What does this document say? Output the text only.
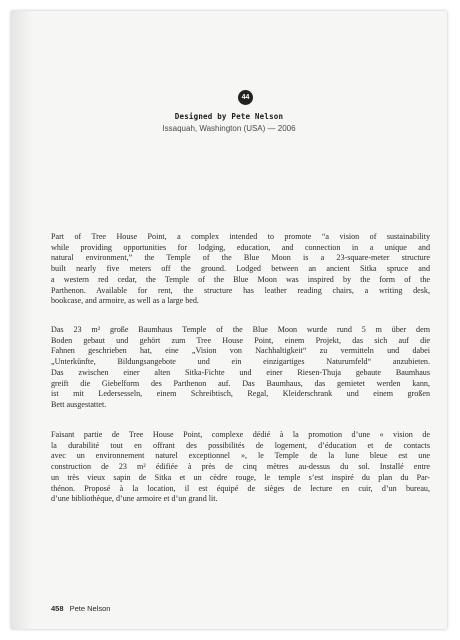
44
Designed by Pete Nelson
Issaquah, Washington (USA) — 2006

Part of Tree House Point, a complex intended to promote “a vision of sustainability
while providing opportunities for lodging, education, and connection in a unique and
natural environment,” the Temple of the Blue Moon is a 23-square-meter structure
built nearly five meters off the ground. Lodged between an ancient Sitka spruce and
a western red cedar, the Temple of the Blue Moon was inspired by the form of the
Parthenon. Available for rent, the structure has leather reading chairs, a writing desk,
bookcase, and armoire, as well as a large bed.

Das 23 m² große Baumhaus Temple of the Blue Moon wurde rund 5 m über dem
Boden gebaut und gehört zum Tree House Point, einem Projekt, das sich auf die
Fahnen geschrieben hat, eine „Vision von Nachhaltigkeit“ zu vermitteln und dabei
„Unterkünfte, Bildungsangebote und ein einzigartiges Naturumfeld“ anzubieten.
Das zwischen einer alten Sitka-Fichte und einer Riesen-Thuja gebaute Baumhaus
greift die Giebelform des Parthenon auf. Das Baumhaus, das gemietet werden kann,
ist mit Ledersesseln, einem Schreibtisch, Regal, Kleiderschrank und einem großen
Bett ausgestattet.

Faisant partie de Tree House Point, complexe dédié à la promotion d’une « vision de
la durabilité tout en offrant des possibilités de logement, d’éducation et de contacts
avec un environnement naturel exceptionnel », le Temple de la lune bleue est une
construction de 23 m² édifiée à près de cinq mètres au-dessus du sol. Installé entre
un très vieux sapin de Sitka et un cèdre rouge, le temple s’est inspiré du plan du Par-
thénon. Proposé à la location, il est équipé de sièges de lecture en cuir, d’un bureau,
d’une bibliothèque, d’une armoire et d’un grand lit.

458 Pete Nelson
